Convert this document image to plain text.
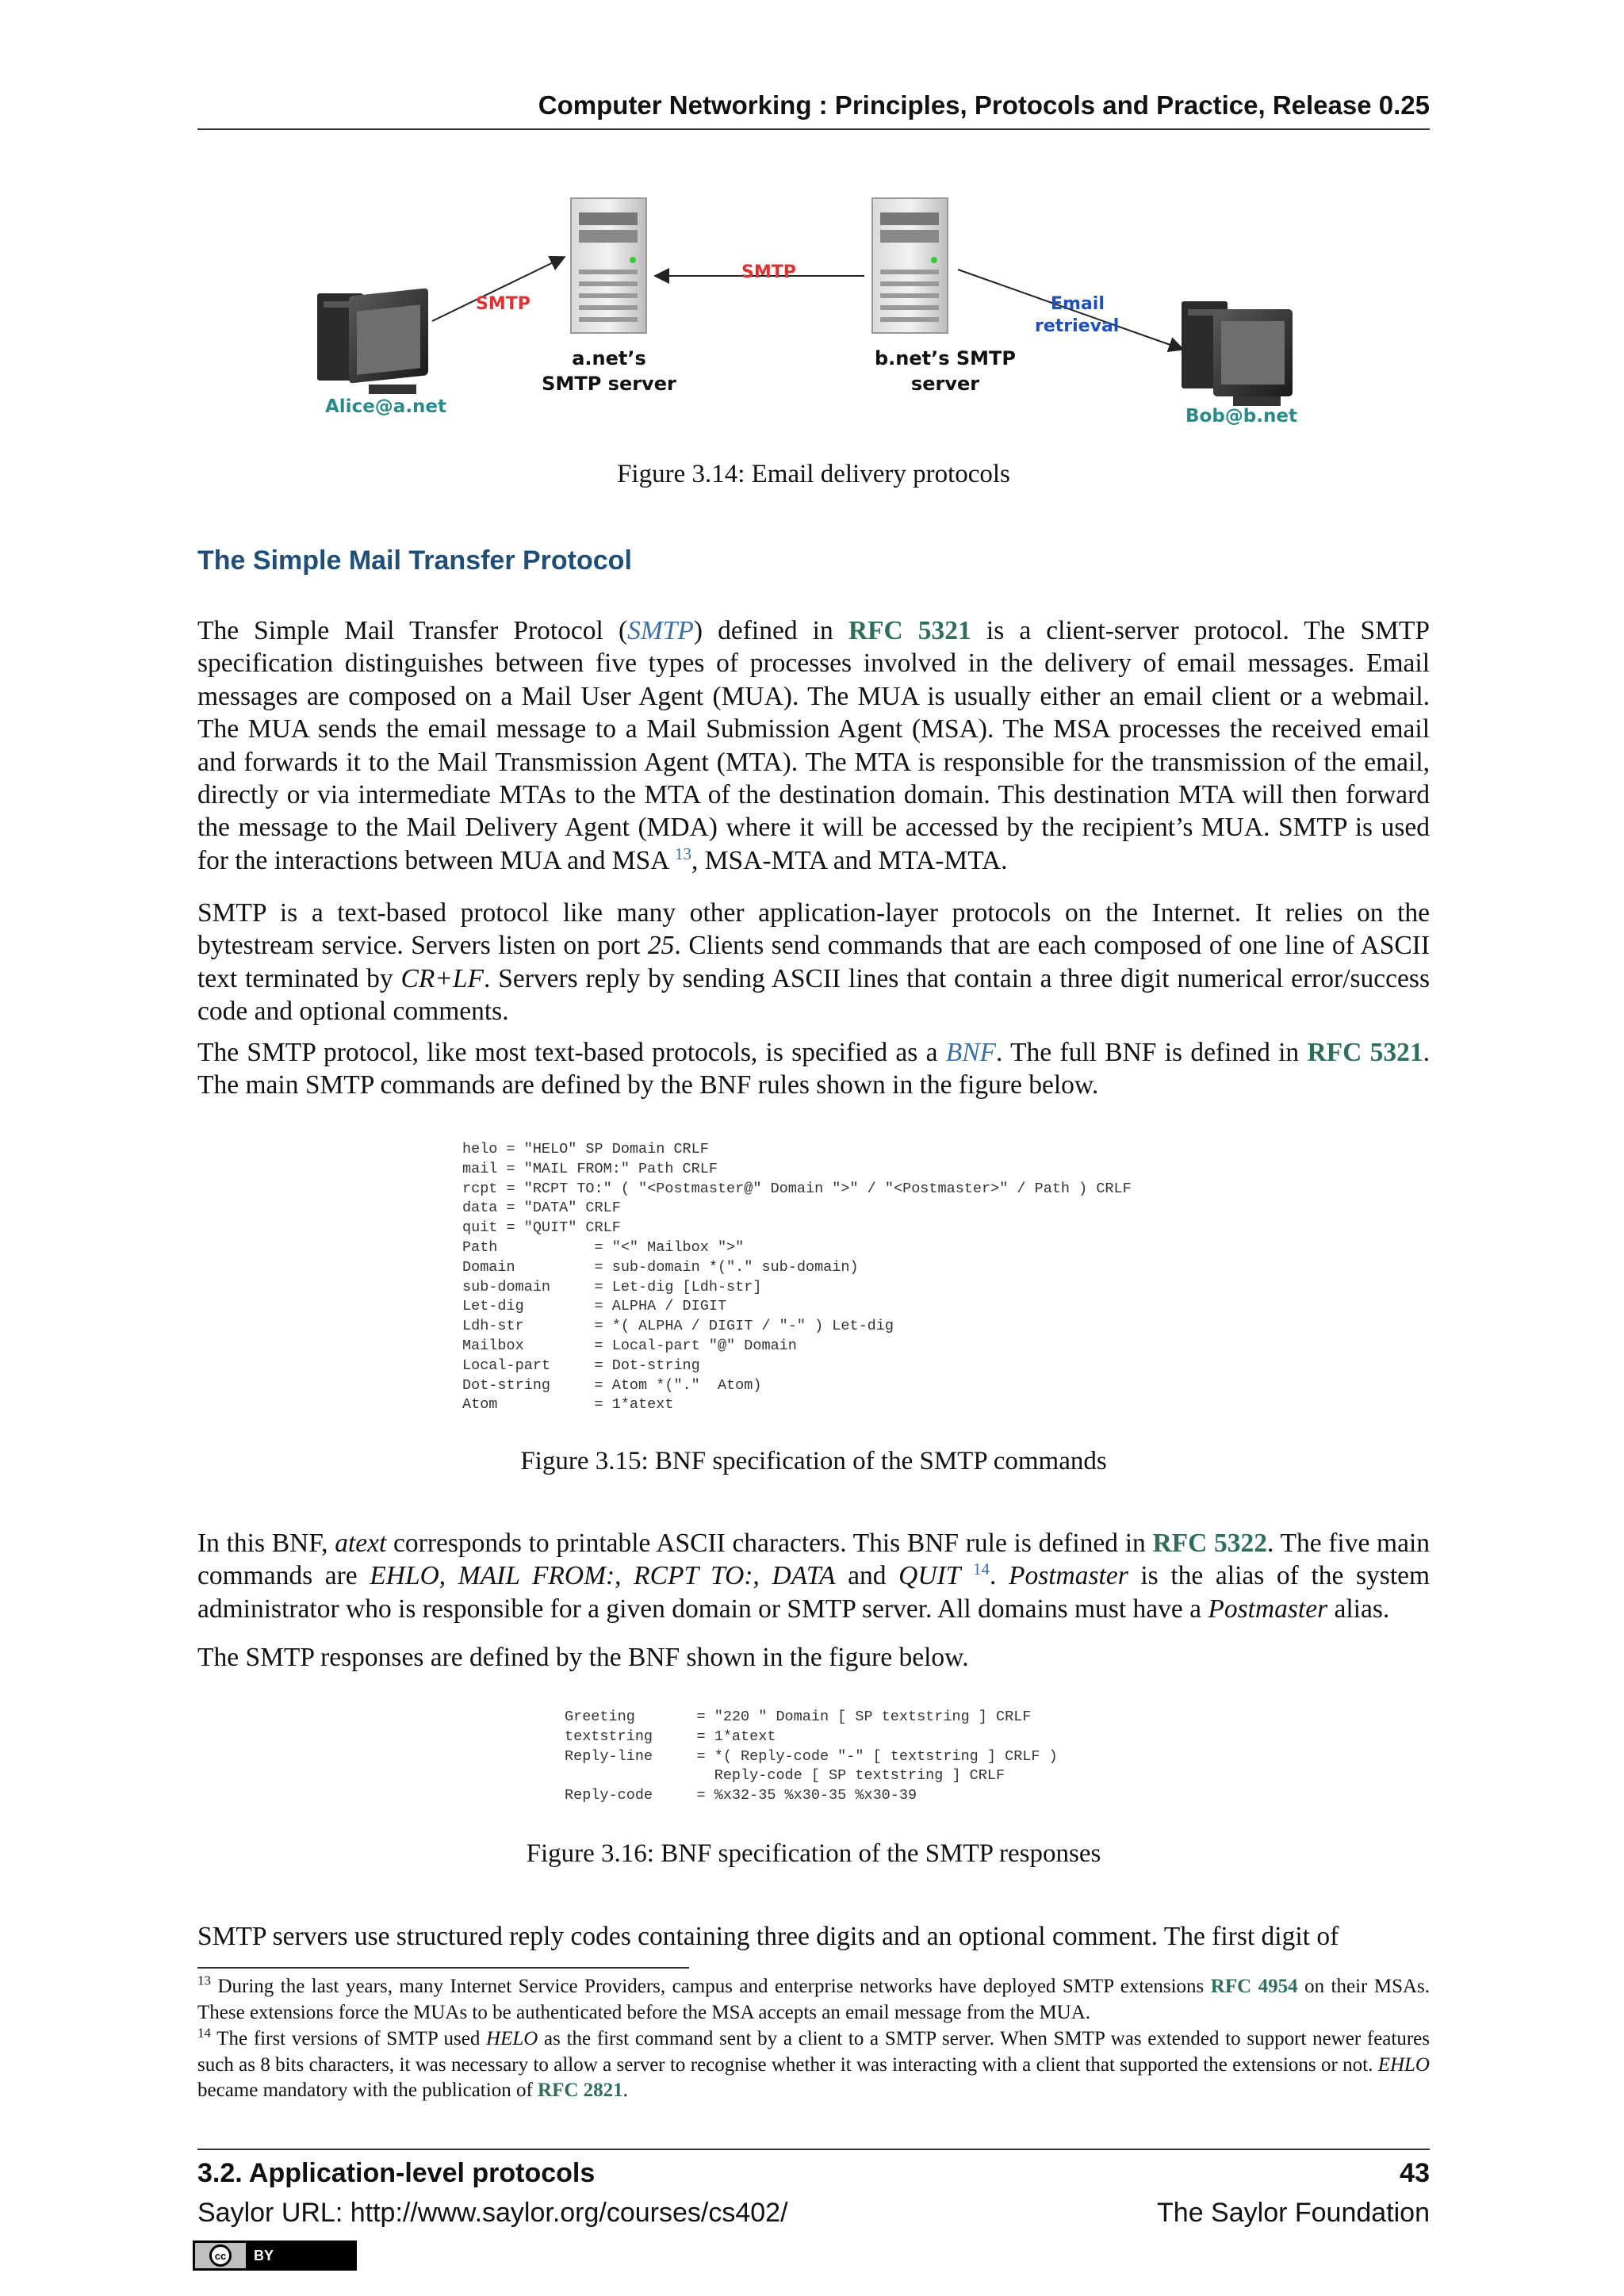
Computer Networking : Principles, Protocols and Practice, Release 0.25
SMTP
SMTP
Email
retrieval
a.net’s
SMTP server
b.net’s SMTP
server
Alice@a.net	Bob@b.net
Figure 3.14: Email delivery protocols
The Simple Mail Transfer Protocol
The Simple Mail Transfer Protocol (SMTP) defined in RFC 5321 is a client-server protocol. The SMTP specification distinguishes between five types of processes involved in the delivery of email messages. Email messages are composed on a Mail User Agent (MUA). The MUA is usually either an email client or a webmail. The MUA sends the email message to a Mail Submission Agent (MSA). The MSA processes the received email and forwards it to the Mail Transmission Agent (MTA). The MTA is responsible for the transmission of the email, directly or via intermediate MTAs to the MTA of the destination domain. This destination MTA will then forward the message to the Mail Delivery Agent (MDA) where it will be accessed by the recipient’s MUA. SMTP is used for the interactions between MUA and MSA $^{13}$, MSA-MTA and MTA-MTA.
SMTP is a text-based protocol like many other application-layer protocols on the Internet. It relies on the bytestream service. Servers listen on port 25. Clients send commands that are each composed of one line of ASCII text terminated by CR+LF. Servers reply by sending ASCII lines that contain a three digit numerical error/success code and optional comments.
The SMTP protocol, like most text-based protocols, is specified as a BNF. The full BNF is defined in RFC 5321. The main SMTP commands are defined by the BNF rules shown in the figure below.
helo = "HELO" SP Domain CRLF
mail = "MAIL FROM:" Path CRLF
rcpt = "RCPT TO:" ( "<Postmaster@" Domain ">" / "<Postmaster>" / Path ) CRLF
data = "DATA" CRLF
quit = "QUIT" CRLF
Path           = "<" Mailbox ">"
Domain         = sub-domain *("." sub-domain)
sub-domain     = Let-dig [Ldh-str]
Let-dig        = ALPHA / DIGIT
Ldh-str        = *( ALPHA / DIGIT / "-" ) Let-dig
Mailbox        = Local-part "@" Domain
Local-part     = Dot-string
Dot-string     = Atom *("."  Atom)
Atom           = 1*atext
Figure 3.15: BNF specification of the SMTP commands
In this BNF, atext corresponds to printable ASCII characters. This BNF rule is defined in RFC 5322. The five main commands are EHLO, MAIL FROM:, RCPT TO:, DATA and QUIT $^{14}$. Postmaster is the alias of the system administrator who is responsible for a given domain or SMTP server. All domains must have a Postmaster alias.
The SMTP responses are defined by the BNF shown in the figure below.
Greeting       = "220 " Domain [ SP textstring ] CRLF
textstring     = 1*atext
Reply-line     = *( Reply-code "-" [ textstring ] CRLF )
Reply-code [ SP textstring ] CRLF
Reply-code     = %x32-35 %x30-35 %x30-39
Figure 3.16: BNF specification of the SMTP responses
SMTP servers use structured reply codes containing three digits and an optional comment. The first digit of
$^{13}$ During the last years, many Internet Service Providers, campus and enterprise networks have deployed SMTP extensions RFC 4954 on their MSAs. These extensions force the MUAs to be authenticated before the MSA accepts an email message from the MUA.
$^{14}$ The first versions of SMTP used HELO as the first command sent by a client to a SMTP server. When SMTP was extended to support newer features such as 8 bits characters, it was necessary to allow a server to recognise whether it was interacting with a client that supported the extensions or not. EHLO became mandatory with the publication of RFC 2821.
3.2. Application-level protocols	43
Saylor URL: http://www.saylor.org/courses/cs402/	The Saylor Foundation
cc	BY
